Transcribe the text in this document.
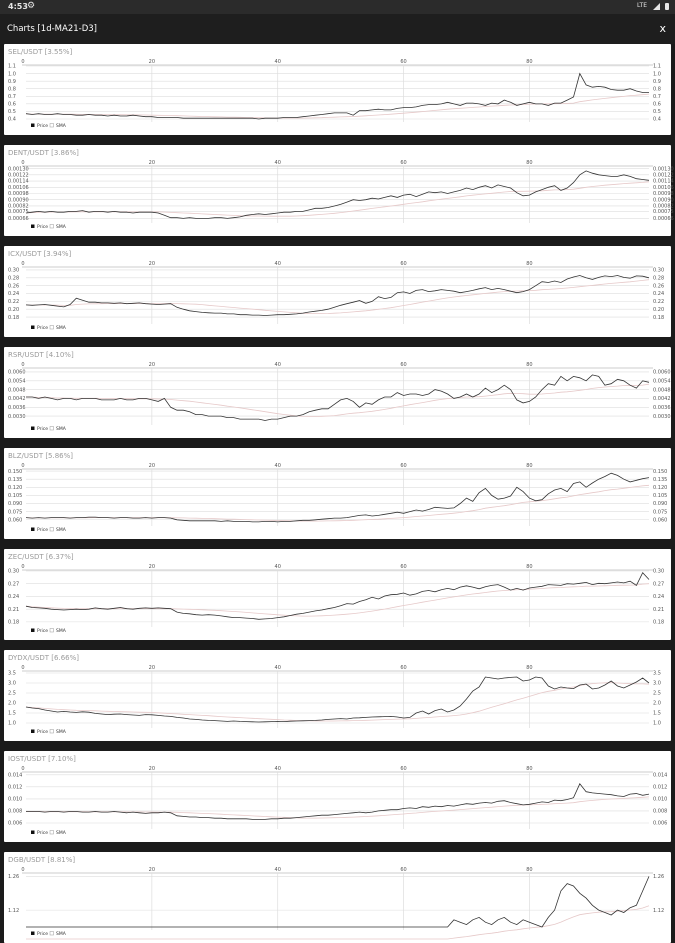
4:53 ⚙	LTE
Charts [1d-MA21-D3]	x
SEL/USDT [3.55%]
0	20	40	60	80
1.1	1.1
1.0	1.0
0.9	0.9
0.8	0.8
0.7	0.7
0.6	0.6
0.5	0.5
0.4	0.4
Price SMA
DENT/USDT [3.86%]
0	20	40	60	80
0.00130	0.00130
0.00122	0.00122
0.00114	0.00114
0.00106	0.00106
0.00098	0.00098
0.00090	0.00090
0.00082	0.00082
0.00075	0.00075
0.00066	0.00066
Price SMA
ICX/USDT [3.94%]
0	20	40	60	80
0.30	0.30
0.28	0.28
0.26	0.26
0.24	0.24
0.22	0.22
0.20	0.20
0.18	0.18
Price SMA
RSR/USDT [4.10%]
0	20	40	60	80
0.0060	0.0060
0.0054	0.0054
0.0048	0.0048
0.0042	0.0042
0.0036	0.0036
0.0030	0.0030
Price SMA
BLZ/USDT [5.86%]
0	20	40	60	80
0.150	0.150
0.135	0.135
0.120	0.120
0.105	0.105
0.090	0.090
0.075	0.075
0.060	0.060
Price SMA
ZEC/USDT [6.37%]
0	20	40	60	80
0.30	0.30
0.27	0.27
0.24	0.24
0.21	0.21
0.18	0.18
Price SMA
DYDX/USDT [6.66%]
0	20	40	60	80
3.5	3.5
3.0	3.0
2.5	2.5
2.0	2.0
1.5	1.5
1.0	1.0
Price SMA
IOST/USDT [7.10%]
0	20	40	60	80
0.014	0.014
0.012	0.012
0.010	0.010
0.008	0.008
0.006	0.006
Price SMA
DGB/USDT [8.81%]
0	20	40	60	80
1.26	1.26
1.12	1.12
Price SMA
